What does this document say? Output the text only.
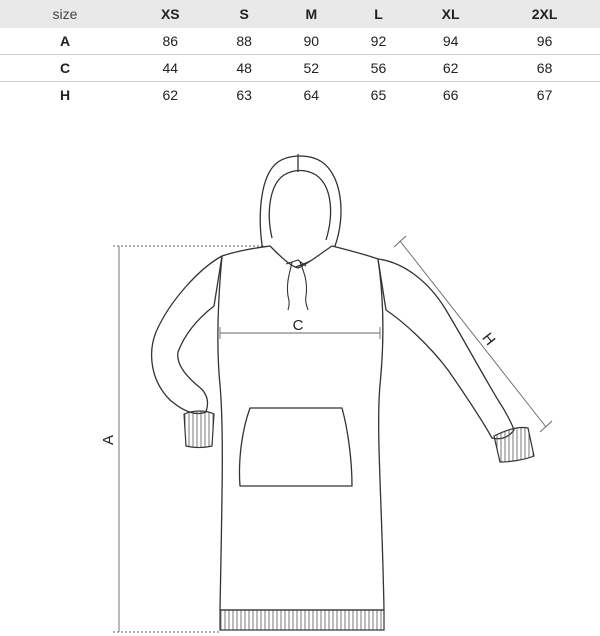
size	XS	S	M	L	XL	2XL
A	86	88	90	92	94	96
C	44	48	52	56	62	68
H	62	63	64	65	66	67
A
C
H
